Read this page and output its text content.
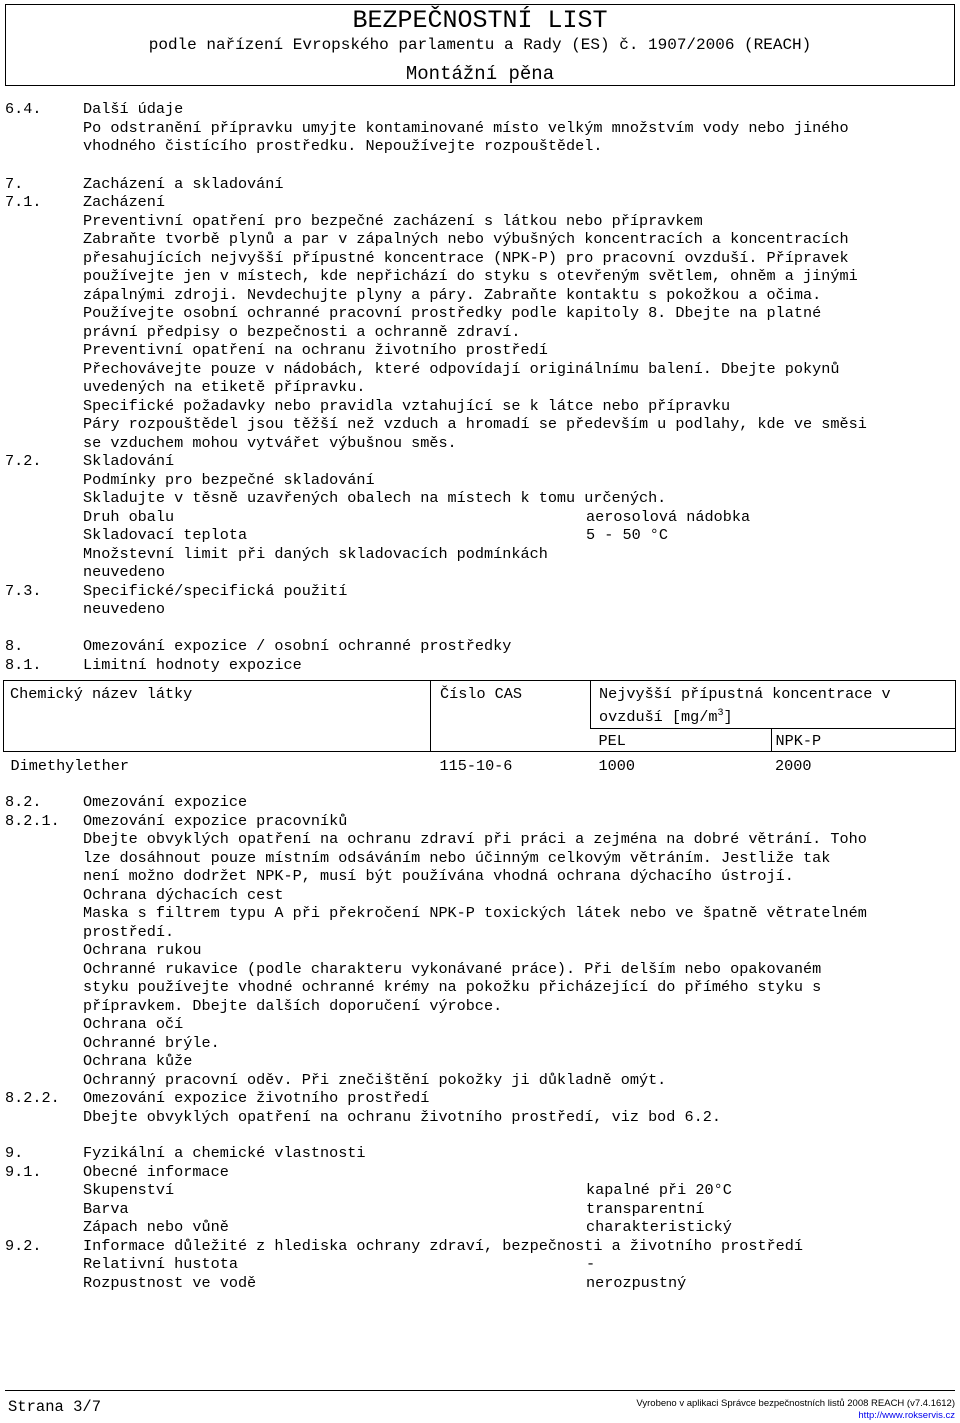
BEZPEČNOSTNÍ LIST
podle nařízení Evropského parlamentu a Rady (ES) č. 1907/2006 (REACH)
Montážní pěna
6.4.	Další údaje
Po odstranění přípravku umyjte kontaminované místo velkým množstvím vody nebo jiného
vhodného čistícího prostředku. Nepoužívejte rozpouštědel.
7.	Zacházení a skladování
7.1.	Zacházení
Preventivní opatření pro bezpečné zacházení s látkou nebo přípravkem
Zabraňte tvorbě plynů a par v zápalných nebo výbušných koncentracích a koncentracích
přesahujících nejvyšší přípustné koncentrace (NPK-P) pro pracovní ovzduší. Přípravek
používejte jen v místech, kde nepřichází do styku s otevřeným světlem, ohněm a jinými
zápalnými zdroji. Nevdechujte plyny a páry. Zabraňte kontaktu s pokožkou a očima.
Používejte osobní ochranné pracovní prostředky podle kapitoly 8. Dbejte na platné
právní předpisy o bezpečnosti a ochranně zdraví.
Preventivní opatření na ochranu životního prostředí
Přechovávejte pouze v nádobách, které odpovídají originálnímu balení. Dbejte pokynů
uvedených na etiketě přípravku.
Specifické požadavky nebo pravidla vztahující se k látce nebo přípravku
Páry rozpouštědel jsou těžší než vzduch a hromadí se především u podlahy, kde ve směsi
se vzduchem mohou vytvářet výbušnou směs.
7.2.	Skladování
Podmínky pro bezpečné skladování
Skladujte v těsně uzavřených obalech na místech k tomu určených.
Druh obalu	aerosolová nádobka
Skladovací teplota	5 - 50 °C
Množstevní limit při daných skladovacích podmínkách
neuvedeno
7.3.	Specifické/specifická použití
neuvedeno
8.	Omezování expozice / osobní ochranné prostředky
8.1.	Limitní hodnoty expozice
Chemický název látky	Číslo CAS	Nejvyšší přípustná koncentrace v
ovzduší $[mg/m^3]$	
		PEL	NPK-P
Dimethylether	115-10-6	1000	2000
8.2.	Omezování expozice
8.2.1. Omezování expozice pracovníků
Dbejte obvyklých opatření na ochranu zdraví při práci a zejména na dobré větrání. Toho
lze dosáhnout pouze místním odsáváním nebo účinným celkovým větráním. Jestliže tak
není možno dodržet NPK-P, musí být používána vhodná ochrana dýchacího ústrojí.
Ochrana dýchacích cest
Maska s filtrem typu A při překročení NPK-P toxických látek nebo ve špatně větratelném
prostředí.
Ochrana rukou
Ochranné rukavice (podle charakteru vykonávané práce). Při delším nebo opakovaném
styku používejte vhodné ochranné krémy na pokožku přicházející do přímého styku s
přípravkem. Dbejte dalších doporučení výrobce.
Ochrana očí
Ochranné brýle.
Ochrana kůže
Ochranný pracovní oděv. Při znečištění pokožky ji důkladně omýt.
8.2.2. Omezování expozice životního prostředí
Dbejte obvyklých opatření na ochranu životního prostředí, viz bod 6.2.
9.	Fyzikální a chemické vlastnosti
9.1.	Obecné informace
Skupenství	kapalné při 20°C
Barva	transparentní
Zápach nebo vůně	charakteristický
9.2.	Informace důležité z hlediska ochrany zdraví, bezpečnosti a životního prostředí
Relativní hustota	-
Rozpustnost ve vodě	nerozpustný
Strana 3/7	Vyrobeno v aplikaci Správce bezpečnostních listů 2008 REACH (v7.4.1612)
http://www.rokservis.cz
